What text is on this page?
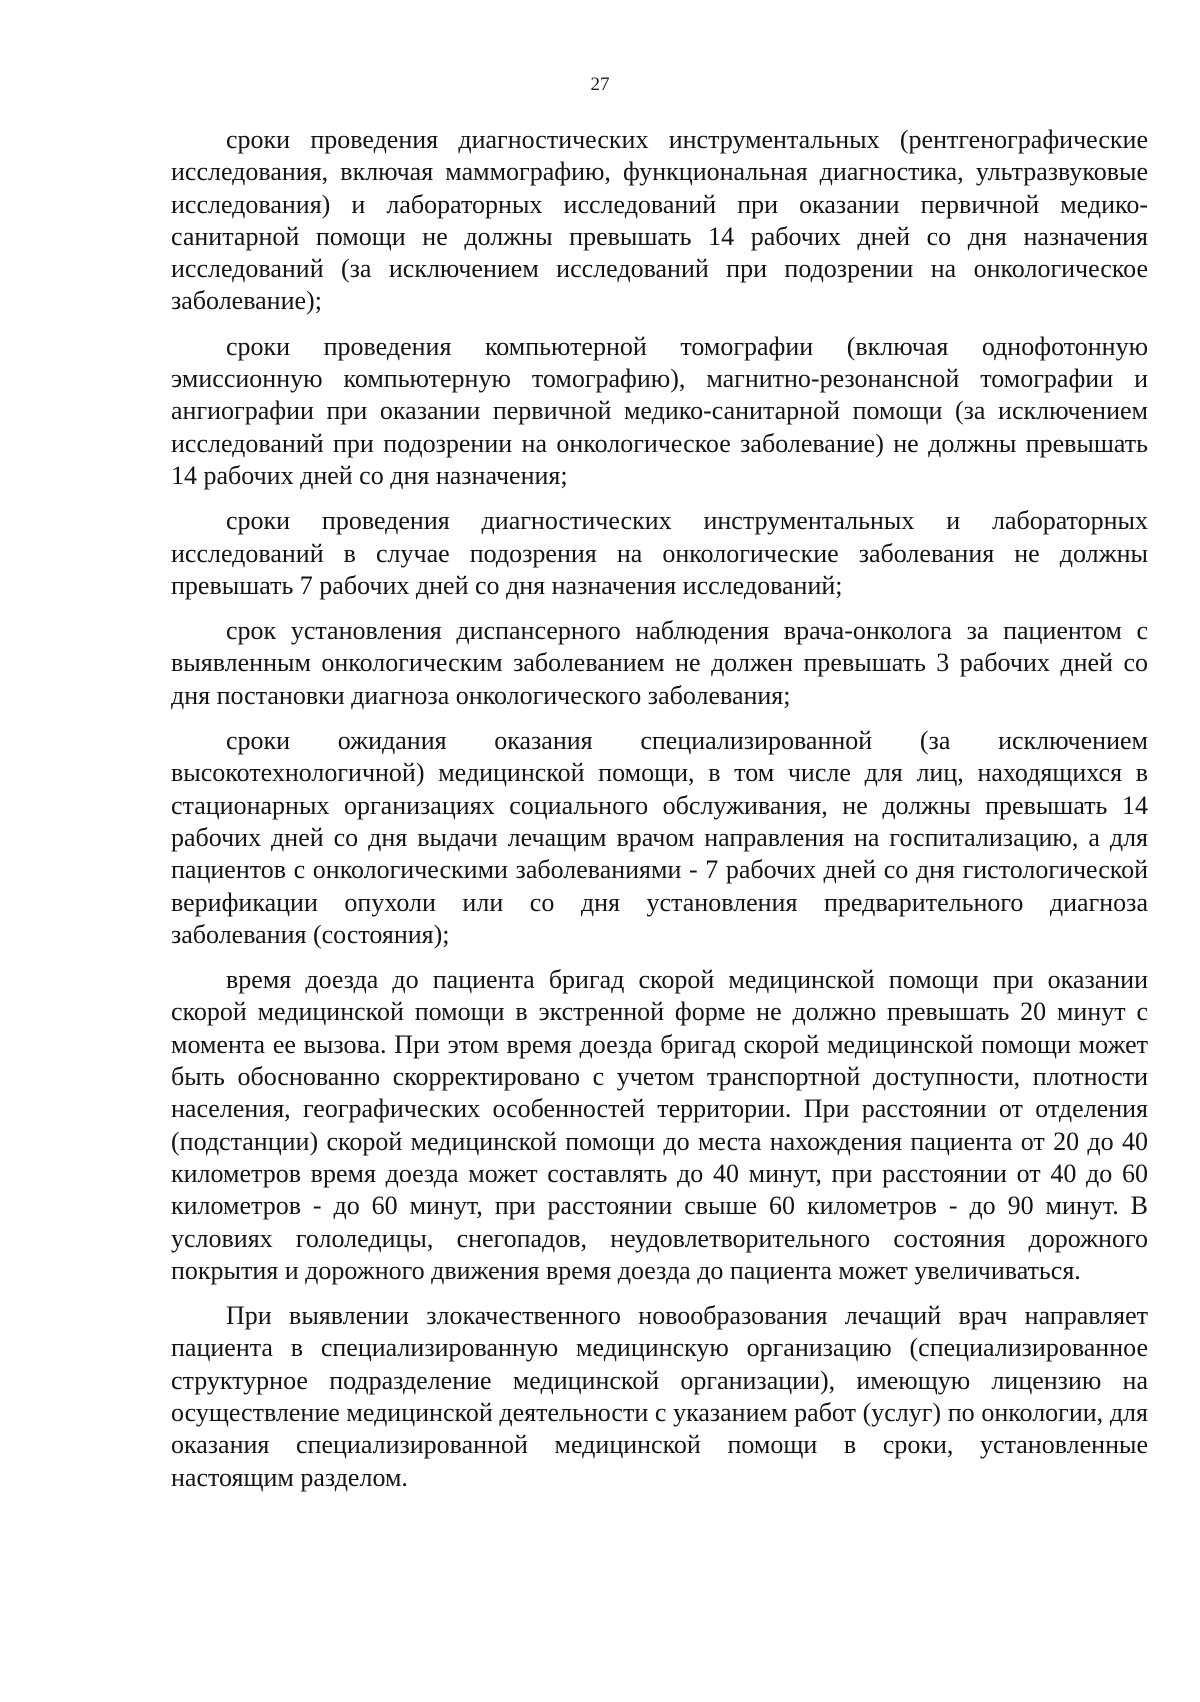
27

сроки проведения диагностических инструментальных (рентгенографические исследования, включая маммографию, функциональная диагностика, ультразвуковые исследования) и лабораторных исследований при оказании первичной медико-санитарной помощи не должны превышать 14 рабочих дней со дня назначения исследований (за исключением исследований при подозрении на онкологическое заболевание);

сроки проведения компьютерной томографии (включая однофотонную эмиссионную компьютерную томографию), магнитно-резонансной томографии и ангиографии при оказании первичной медико-санитарной помощи (за исключением исследований при подозрении на онкологическое заболевание) не должны превышать 14 рабочих дней со дня назначения;

сроки проведения диагностических инструментальных и лабораторных исследований в случае подозрения на онкологические заболевания не должны превышать 7 рабочих дней со дня назначения исследований;

срок установления диспансерного наблюдения врача-онколога за пациентом с выявленным онкологическим заболеванием не должен превышать 3 рабочих дней со дня постановки диагноза онкологического заболевания;

сроки ожидания оказания специализированной (за исключением высокотехнологичной) медицинской помощи, в том числе для лиц, находящихся в стационарных организациях социального обслуживания, не должны превышать 14 рабочих дней со дня выдачи лечащим врачом направления на госпитализацию, а для пациентов с онкологическими заболеваниями - 7 рабочих дней со дня гистологической верификации опухоли или со дня установления предварительного диагноза заболевания (состояния);

время доезда до пациента бригад скорой медицинской помощи при оказании скорой медицинской помощи в экстренной форме не должно превышать 20 минут с момента ее вызова. При этом время доезда бригад скорой медицинской помощи может быть обоснованно скорректировано с учетом транспортной доступности, плотности населения, географических особенностей территории. При расстоянии от отделения (подстанции) скорой медицинской помощи до места нахождения пациента от 20 до 40 километров время доезда может составлять до 40 минут, при расстоянии от 40 до 60 километров - до 60 минут, при расстоянии свыше 60 километров - до 90 минут. В условиях гололедицы, снегопадов, неудовлетворительного состояния дорожного покрытия и дорожного движения время доезда до пациента может увеличиваться.

При выявлении злокачественного новообразования лечащий врач направляет пациента в специализированную медицинскую организацию (специализированное структурное подразделение медицинской организации), имеющую лицензию на осуществление медицинской деятельности с указанием работ (услуг) по онкологии, для оказания специализированной медицинской помощи в сроки, установленные настоящим разделом.
